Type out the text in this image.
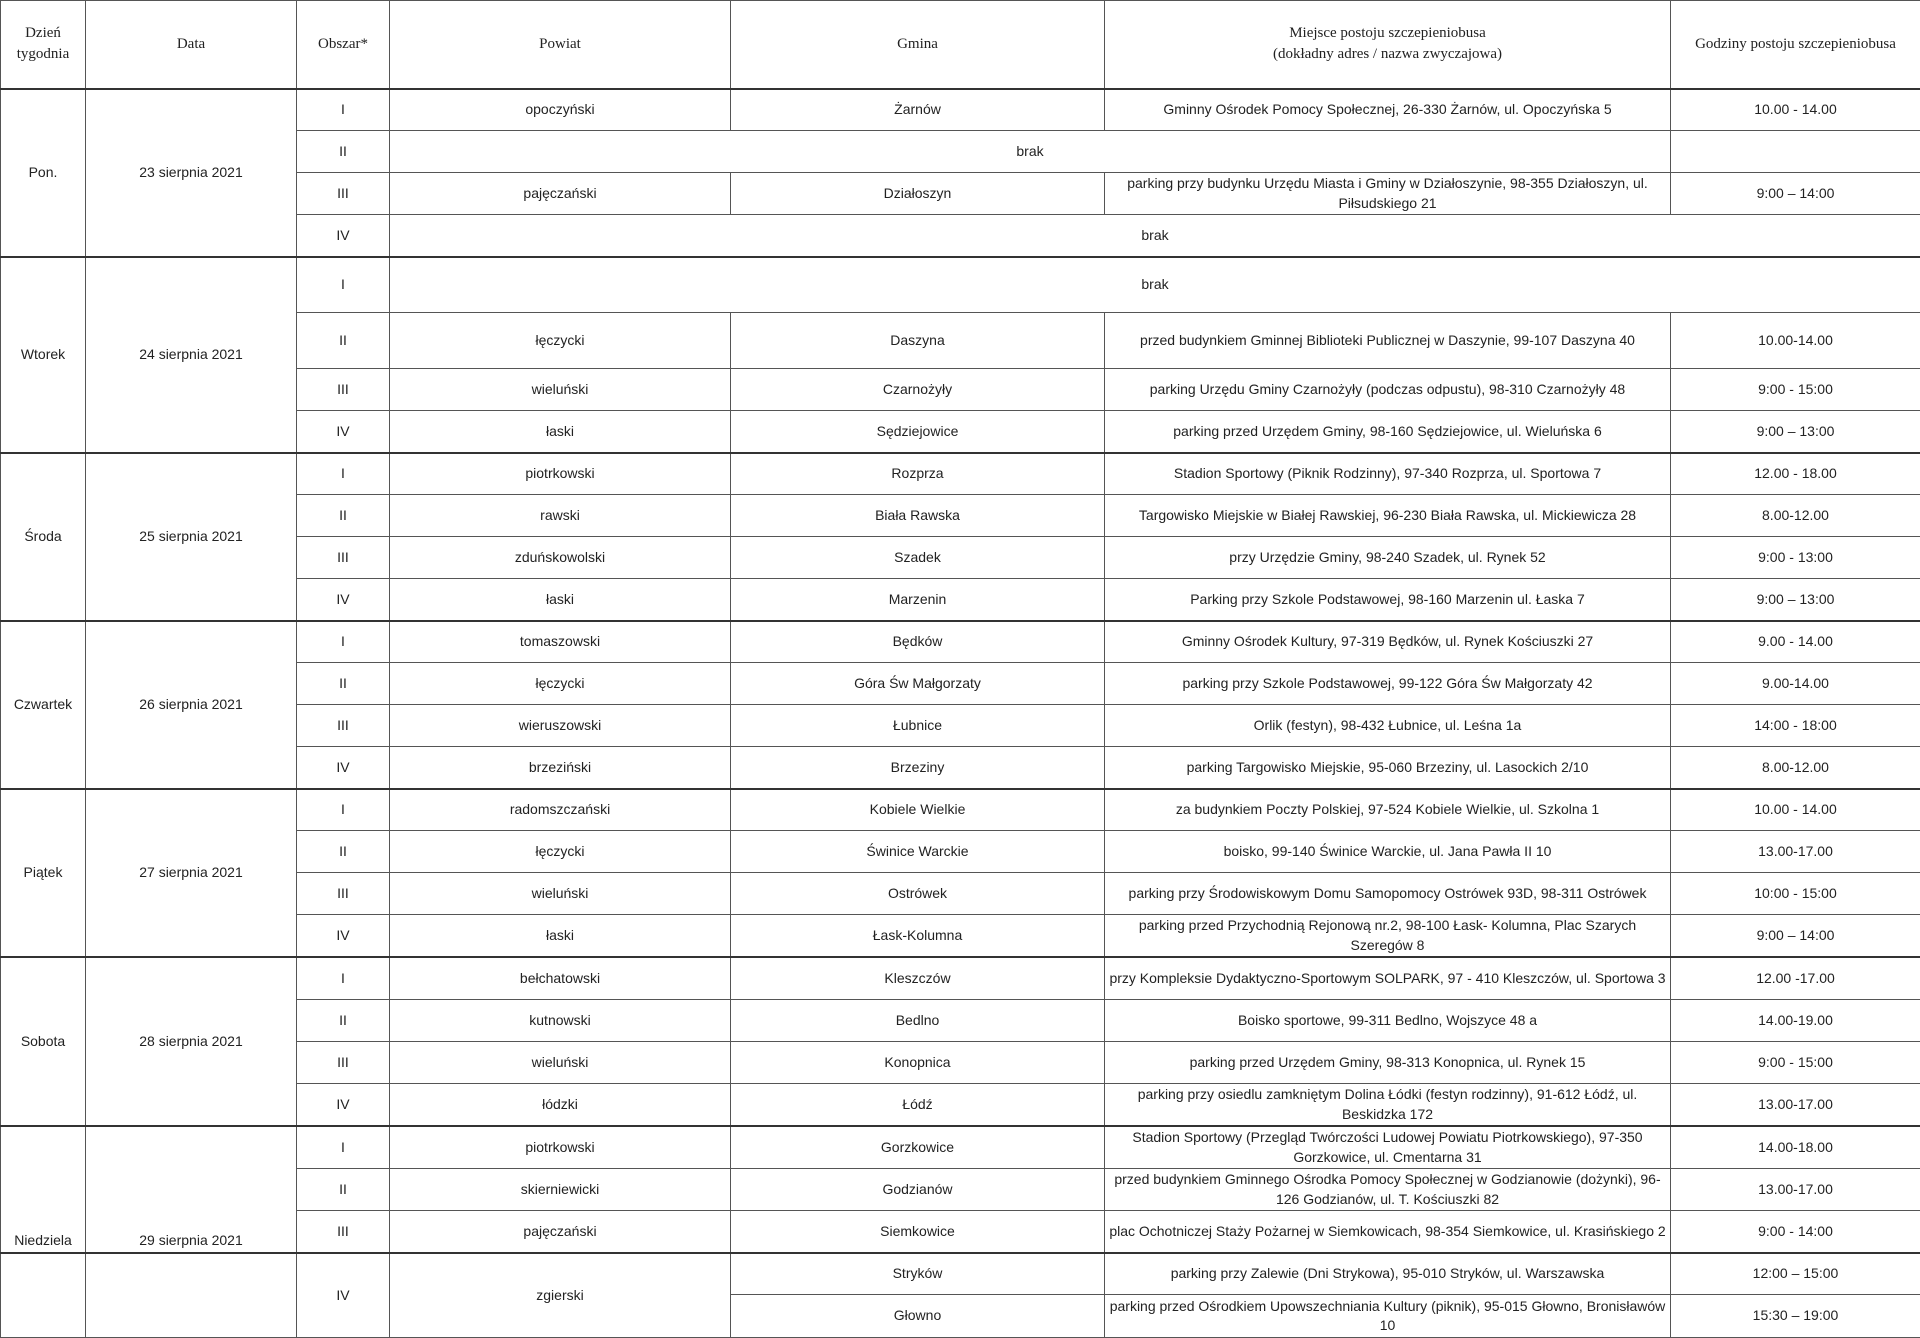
Dzień tygodnia	Data	Obszar*	Powiat	Gmina	Miejsce postoju szczepieniobusa
(dokładny adres / nazwa zwyczajowa)	Godziny postoju szczepieniobusa
Pon.	23 sierpnia 2021	I	opoczyński	Żarnów	Gminny Ośrodek Pomocy Społecznej, 26-330 Żarnów, ul. Opoczyńska 5	10.00 - 14.00
		II	brak			
		III	pajęczański	Działoszyn	parking przy budynku Urzędu Miasta i Gminy w Działoszynie, 98-355 Działoszyn, ul. Piłsudskiego 21	9:00 – 14:00
		IV	brak			
Wtorek	24 sierpnia 2021	I	brak			
		II	łęczycki	Daszyna	przed budynkiem Gminnej Biblioteki Publicznej w Daszynie, 99-107 Daszyna 40	10.00-14.00
		III	wieluński	Czarnożyły	parking Urzędu Gminy Czarnożyły (podczas odpustu), 98-310 Czarnożyły 48	9:00 - 15:00
		IV	łaski	Sędziejowice	parking przed Urzędem Gminy, 98-160 Sędziejowice, ul. Wieluńska 6	9:00 – 13:00
Środa	25 sierpnia 2021	I	piotrkowski	Rozprza	Stadion Sportowy (Piknik Rodzinny), 97-340 Rozprza, ul. Sportowa 7	12.00 - 18.00
		II	rawski	Biała Rawska	Targowisko Miejskie w Białej Rawskiej, 96-230 Biała Rawska, ul. Mickiewicza 28	8.00-12.00
		III	zduńskowolski	Szadek	przy Urzędzie Gminy, 98-240 Szadek, ul. Rynek 52	9:00 - 13:00
		IV	łaski	Marzenin	Parking przy Szkole Podstawowej, 98-160 Marzenin ul. Łaska 7	9:00 – 13:00
Czwartek	26 sierpnia 2021	I	tomaszowski	Będków	Gminny Ośrodek Kultury, 97-319 Będków, ul. Rynek Kościuszki 27	9.00 - 14.00
		II	łęczycki	Góra Św Małgorzaty	parking przy Szkole Podstawowej, 99-122 Góra Św Małgorzaty 42	9.00-14.00
		III	wieruszowski	Łubnice	Orlik (festyn), 98-432 Łubnice, ul. Leśna 1a	14:00 - 18:00
		IV	brzeziński	Brzeziny	parking Targowisko Miejskie, 95-060 Brzeziny, ul. Lasockich 2/10	8.00-12.00
Piątek	27 sierpnia 2021	I	radomszczański	Kobiele Wielkie	za budynkiem Poczty Polskiej, 97-524 Kobiele Wielkie, ul. Szkolna 1	10.00 - 14.00
		II	łęczycki	Świnice Warckie	boisko, 99-140 Świnice Warckie, ul. Jana Pawła II 10	13.00-17.00
		III	wieluński	Ostrówek	parking przy Środowiskowym Domu Samopomocy Ostrówek 93D, 98-311 Ostrówek	10:00 - 15:00
		IV	łaski	Łask-Kolumna	parking przed Przychodnią Rejonową nr.2, 98-100 Łask- Kolumna, Plac Szarych Szeregów 8	9:00 – 14:00
Sobota	28 sierpnia 2021	I	bełchatowski	Kleszczów	przy Kompleksie Dydaktyczno-Sportowym SOLPARK, 97 - 410 Kleszczów, ul. Sportowa 3	12.00 -17.00
		II	kutnowski	Bedlno	Boisko sportowe, 99-311 Bedlno, Wojszyce 48 a	14.00-19.00
		III	wieluński	Konopnica	parking przed Urzędem Gminy, 98-313 Konopnica, ul. Rynek 15	9:00 - 15:00
		IV	łódzki	Łódź	parking przy osiedlu zamkniętym Dolina Łódki (festyn rodzinny), 91-612 Łódź, ul. Beskidzka 172	13.00-17.00
Niedziela	29 sierpnia 2021	I	piotrkowski	Gorzkowice	Stadion Sportowy (Przegląd Twórczości Ludowej Powiatu Piotrkowskiego), 97-350 Gorzkowice, ul. Cmentarna 31	14.00-18.00
		II	skierniewicki	Godzianów	przed budynkiem Gminnego Ośrodka Pomocy Społecznej w Godzianowie (dożynki), 96-126 Godzianów, ul. T. Kościuszki 82	13.00-17.00
		III	pajęczański	Siemkowice	plac Ochotniczej Staży Pożarnej w Siemkowicach, 98-354 Siemkowice, ul. Krasińskiego 2	9:00 - 14:00
		IV	zgierski	Stryków	parking przy Zalewie (Dni Strykowa), 95-010 Stryków, ul. Warszawska	12:00 – 15:00
				Głowno	parking przed Ośrodkiem Upowszechniania Kultury (piknik), 95-015 Głowno, Bronisławów 10	15:30 – 19:00
